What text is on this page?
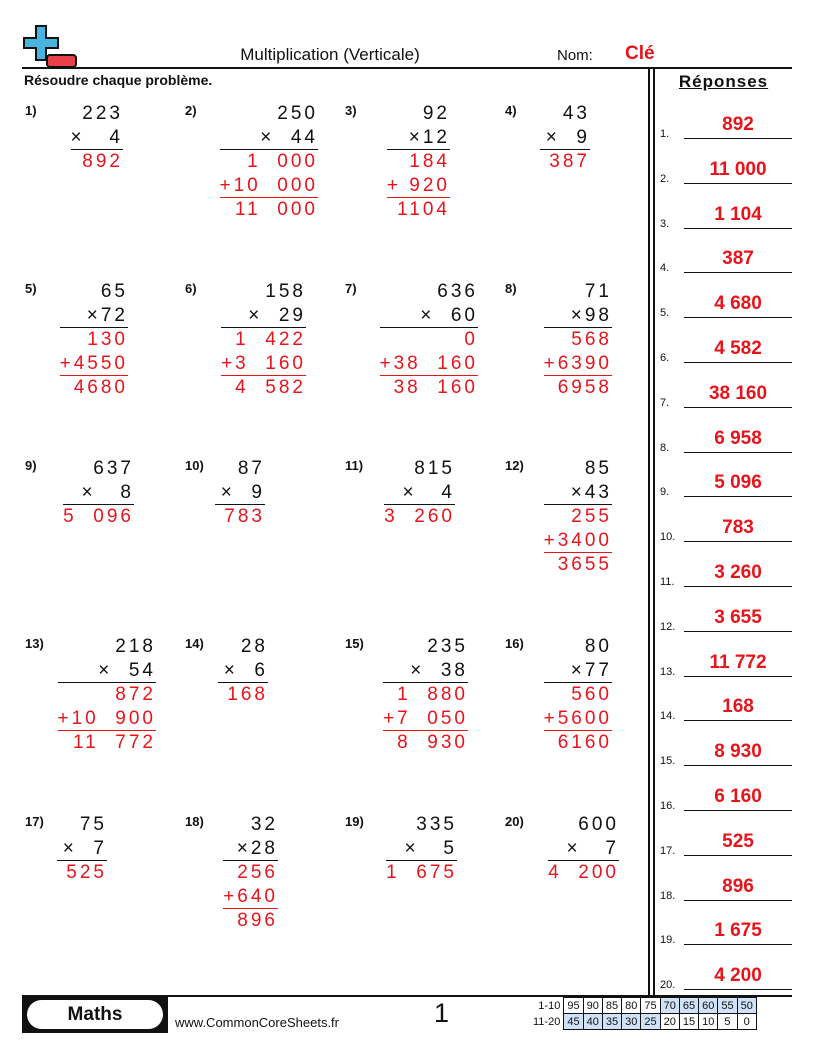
Multiplication (Verticale)	Nom: Clé
Résoudre chaque problème.	Réponses
1)	223
×   4
892
2)	250
×  44
1  000
+10  000
11  000
3)	92
×12
184
+ 920
1104
4)	43
×  9
387
5)	65
×72
130
+4550
4680
6)	158
×  29
1  422
+3  160
4  582
7)	636
×  60
0
+38  160
38  160
8)	71
×98
568
+6390
6958
9)	637
×   8
5  096
10)	87
×  9
783
11)	815
×   4
3  260
12)	85
×43
255
+3400
3655
13)	218
×  54
872
+10  900
11  772
14)	28
×  6
168
15)	235
×  38
1  880
+7  050
8  930
16)	80
×77
560
+5600
6160
17)	75
×  7
525
18)	32
×28
256
+640
896
19)	335
×   5
1  675
20)	600
×   7
4  200
1.	892
2.	11 000
3.	1 104
4.	387
5.	4 680
6.	4 582
7.	38 160
8.	6 958
9.	5 096
10.	783
11.	3 260
12.	3 655
13.	11 772
14.	168
15.	8 930
16.	6 160
17.	525
18.	896
19.	1 675
20.	4 200
Maths	www.CommonCoreSheets.fr	1	1-10	95	90	85	80	75	70	65	60	55	50
11-20	45	40	35	30	25	20	15	10	5	0
